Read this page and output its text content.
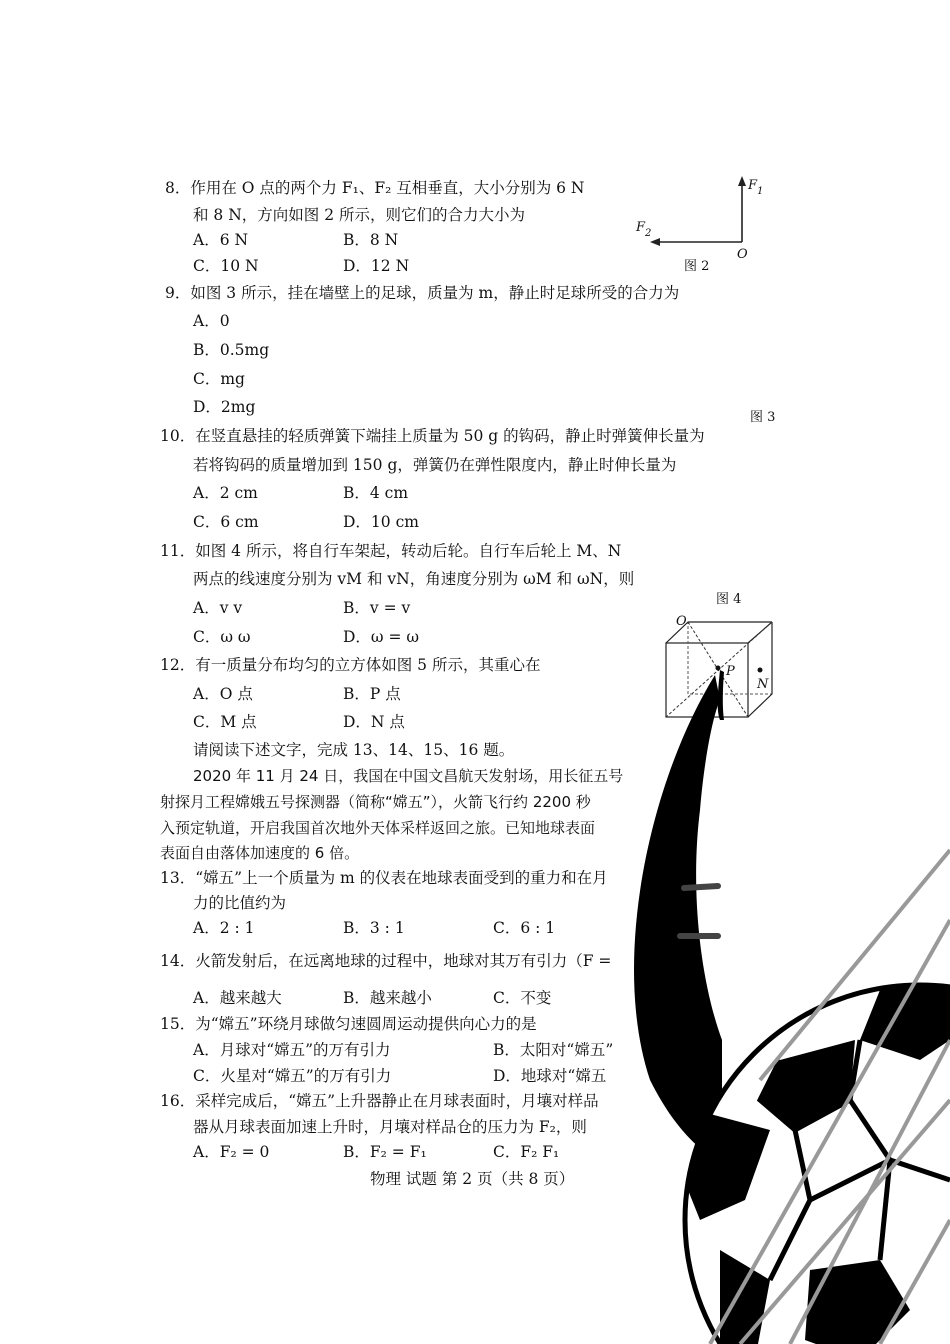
8．作用在 O 点的两个力 F₁、F₂ 互相垂直，大小分别为 6 N
和 8 N，方向如图 2 所示，则它们的合力大小为
A．6 N	B．8 N
C．10 N	D．12 N
$F_1$
$F_2$
O
图 2
9．如图 3 所示，挂在墙壁上的足球，质量为 m，静止时足球所受的合力为
A．0
B．0.5mg
C．mg
D．2mg
图 3
10．在竖直悬挂的轻质弹簧下端挂上质量为 50 g 的钩码，静止时弹簧伸长量为
若将钩码的质量增加到 150 g，弹簧仍在弹性限度内，静止时伸长量为
A．2 cm	B．4 cm
C．6 cm	D．10 cm
11．如图 4 所示，将自行车架起，转动后轮。自行车后轮上 M、N
两点的线速度分别为 vM 和 vN，角速度分别为 ωM 和 ωN，则
A．v v	B．v = v
C．ω ω	D．ω = ω
图 4
12．有一质量分布均匀的立方体如图 5 所示，其重心在
A．O 点	B．P 点
C．M 点	D．N 点
O
P
N
请阅读下述文字，完成 13、14、15、16 题。
2020 年 11 月 24 日，我国在中国文昌航天发射场，用长征五号
射探月工程嫦娥五号探测器（简称“嫦五”），火箭飞行约 2200 秒
入预定轨道，开启我国首次地外天体采样返回之旅。已知地球表面
表面自由落体加速度的 6 倍。
13．“嫦五”上一个质量为 m 的仪表在地球表面受到的重力和在月
力的比值约为
A．2 : 1	B．3 : 1	C．6 : 1
14．火箭发射后，在远离地球的过程中，地球对其万有引力（F =
A．越来越大	B．越来越小	C．不变
15．为“嫦五”环绕月球做匀速圆周运动提供向心力的是
A．月球对“嫦五”的万有引力	B．太阳对“嫦五”
C．火星对“嫦五”的万有引力	D．地球对“嫦五
16．采样完成后，“嫦五”上升器静止在月球表面时，月壤对样品
器从月球表面加速上升时，月壤对样品仓的压力为 F₂，则
A．F₂ = 0	B．F₂ = F₁	C．F₂ F₁
物理 试题 第 2 页（共 8 页）
